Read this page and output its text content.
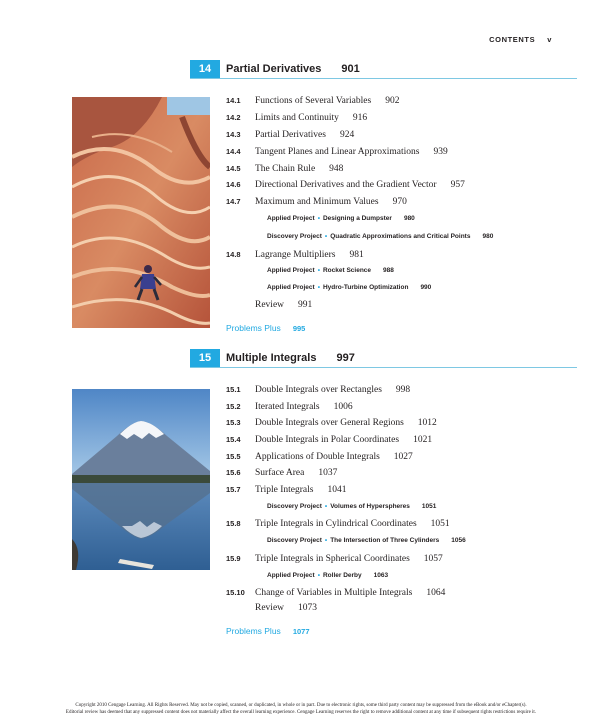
CONTENTS v
14	Partial Derivatives 901
14.1 Functions of Several Variables 902
14.2 Limits and Continuity 916
14.3 Partial Derivatives 924
14.4 Tangent Planes and Linear Approximations 939
14.5 The Chain Rule 948
14.6 Directional Derivatives and the Gradient Vector 957
14.7 Maximum and Minimum Values 970
Applied Project • Designing a Dumpster 980
Discovery Project • Quadratic Approximations and Critical Points 980
14.8 Lagrange Multipliers 981
Applied Project • Rocket Science 988
Applied Project • Hydro-Turbine Optimization 990
Review 991
Problems Plus 995
15	Multiple Integrals 997
15.1 Double Integrals over Rectangles 998
15.2 Iterated Integrals 1006
15.3 Double Integrals over General Regions 1012
15.4 Double Integrals in Polar Coordinates 1021
15.5 Applications of Double Integrals 1027
15.6 Surface Area 1037
15.7 Triple Integrals 1041
Discovery Project • Volumes of Hyperspheres 1051
15.8 Triple Integrals in Cylindrical Coordinates 1051
Discovery Project • The Intersection of Three Cylinders 1056
15.9 Triple Integrals in Spherical Coordinates 1057
Applied Project • Roller Derby 1063
15.10 Change of Variables in Multiple Integrals 1064
Review 1073
Problems Plus 1077
Copyright 2010 Cengage Learning. All Rights Reserved. May not be copied, scanned, or duplicated, in whole or in part. Due to electronic rights, some third party content may be suppressed from the eBook and/or eChapter(s).
Editorial review has deemed that any suppressed content does not materially affect the overall learning experience. Cengage Learning reserves the right to remove additional content at any time if subsequent rights restrictions require it.
